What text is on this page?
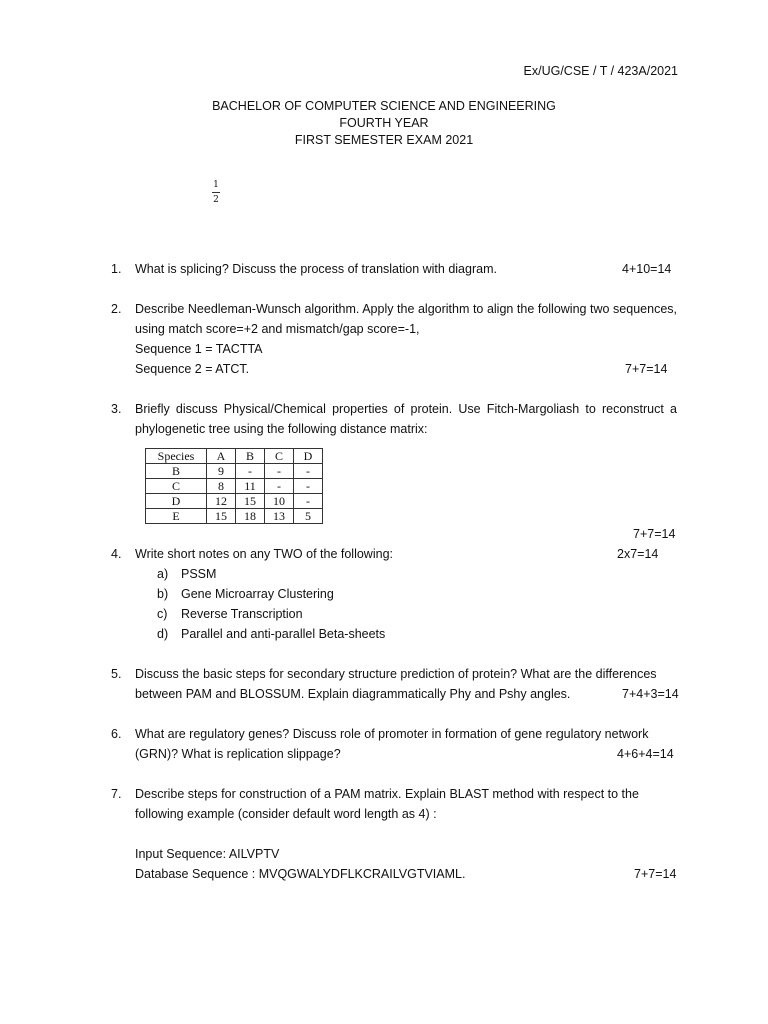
Ex/UG/CSE / T / 423A/2021
BACHELOR OF COMPUTER SCIENCE AND ENGINEERING
FOURTH YEAR
FIRST SEMESTER EXAM 2021
1
2
1. What is splicing? Discuss the process of translation with diagram.	4+10=14
2. Describe Needleman-Wunsch algorithm. Apply the algorithm to align the following two sequences, using match score=+2 and mismatch/gap score=-1,
Sequence 1 = TACTTA
Sequence 2 = ATCT.	7+7=14
3. Briefly discuss Physical/Chemical properties of protein. Use Fitch-Margoliash to reconstruct a phylogenetic tree using the following distance matrix:
Species	A	B	C	D
B	9	-	-	-
C	8	11	-	-
D	12	15	10	-
E	15	18	13	5
7+7=14
4. Write short notes on any TWO of the following:
a) PSSM
b) Gene Microarray Clustering
c) Reverse Transcription
d) Parallel and anti-parallel Beta-sheets
2x7=14
5. Discuss the basic steps for secondary structure prediction of protein? What are the differences
between PAM and BLOSSUM. Explain diagrammatically Phy and Pshy angles.	7+4+3=14
6. What are regulatory genes? Discuss role of promoter in formation of gene regulatory network
(GRN)? What is replication slippage?	4+6+4=14
7. Describe steps for construction of a PAM matrix. Explain BLAST method with respect to the
following example (consider default word length as 4) :
Input Sequence: AILVPTV
Database Sequence : MVQGWALYDFLKCRAILVGTVIAML.	7+7=14
